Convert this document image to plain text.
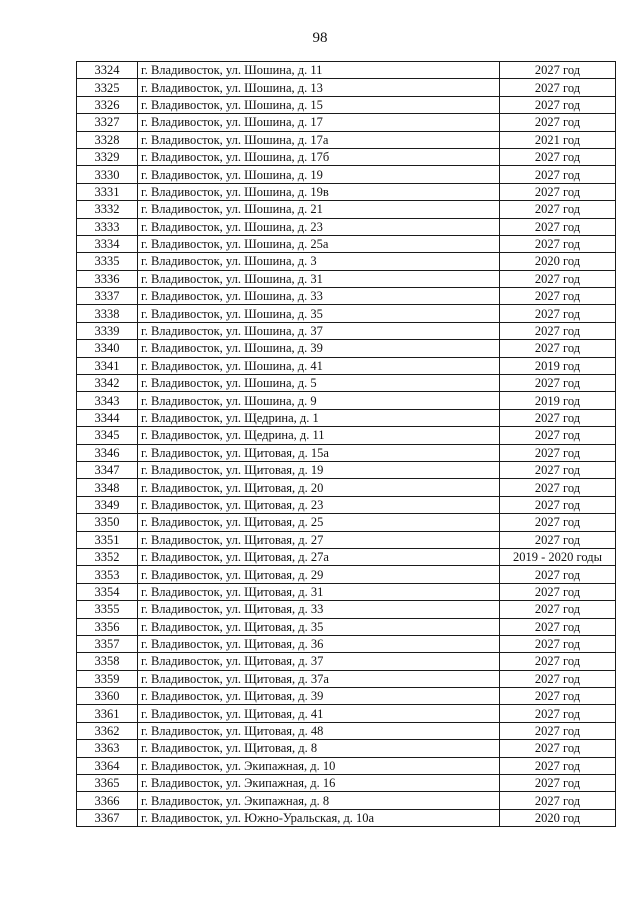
98
3324	г. Владивосток, ул. Шошина, д. 11	2027 год
3325	г. Владивосток, ул. Шошина, д. 13	2027 год
3326	г. Владивосток, ул. Шошина, д. 15	2027 год
3327	г. Владивосток, ул. Шошина, д. 17	2027 год
3328	г. Владивосток, ул. Шошина, д. 17а	2021 год
3329	г. Владивосток, ул. Шошина, д. 17б	2027 год
3330	г. Владивосток, ул. Шошина, д. 19	2027 год
3331	г. Владивосток, ул. Шошина, д. 19в	2027 год
3332	г. Владивосток, ул. Шошина, д. 21	2027 год
3333	г. Владивосток, ул. Шошина, д. 23	2027 год
3334	г. Владивосток, ул. Шошина, д. 25а	2027 год
3335	г. Владивосток, ул. Шошина, д. 3	2020 год
3336	г. Владивосток, ул. Шошина, д. 31	2027 год
3337	г. Владивосток, ул. Шошина, д. 33	2027 год
3338	г. Владивосток, ул. Шошина, д. 35	2027 год
3339	г. Владивосток, ул. Шошина, д. 37	2027 год
3340	г. Владивосток, ул. Шошина, д. 39	2027 год
3341	г. Владивосток, ул. Шошина, д. 41	2019 год
3342	г. Владивосток, ул. Шошина, д. 5	2027 год
3343	г. Владивосток, ул. Шошина, д. 9	2019 год
3344	г. Владивосток, ул. Щедрина, д. 1	2027 год
3345	г. Владивосток, ул. Щедрина, д. 11	2027 год
3346	г. Владивосток, ул. Щитовая, д. 15а	2027 год
3347	г. Владивосток, ул. Щитовая, д. 19	2027 год
3348	г. Владивосток, ул. Щитовая, д. 20	2027 год
3349	г. Владивосток, ул. Щитовая, д. 23	2027 год
3350	г. Владивосток, ул. Щитовая, д. 25	2027 год
3351	г. Владивосток, ул. Щитовая, д. 27	2027 год
3352	г. Владивосток, ул. Щитовая, д. 27а	2019 - 2020 годы
3353	г. Владивосток, ул. Щитовая, д. 29	2027 год
3354	г. Владивосток, ул. Щитовая, д. 31	2027 год
3355	г. Владивосток, ул. Щитовая, д. 33	2027 год
3356	г. Владивосток, ул. Щитовая, д. 35	2027 год
3357	г. Владивосток, ул. Щитовая, д. 36	2027 год
3358	г. Владивосток, ул. Щитовая, д. 37	2027 год
3359	г. Владивосток, ул. Щитовая, д. 37а	2027 год
3360	г. Владивосток, ул. Щитовая, д. 39	2027 год
3361	г. Владивосток, ул. Щитовая, д. 41	2027 год
3362	г. Владивосток, ул. Щитовая, д. 48	2027 год
3363	г. Владивосток, ул. Щитовая, д. 8	2027 год
3364	г. Владивосток, ул. Экипажная, д. 10	2027 год
3365	г. Владивосток, ул. Экипажная, д. 16	2027 год
3366	г. Владивосток, ул. Экипажная, д. 8	2027 год
3367	г. Владивосток, ул. Южно-Уральская, д. 10а	2020 год
